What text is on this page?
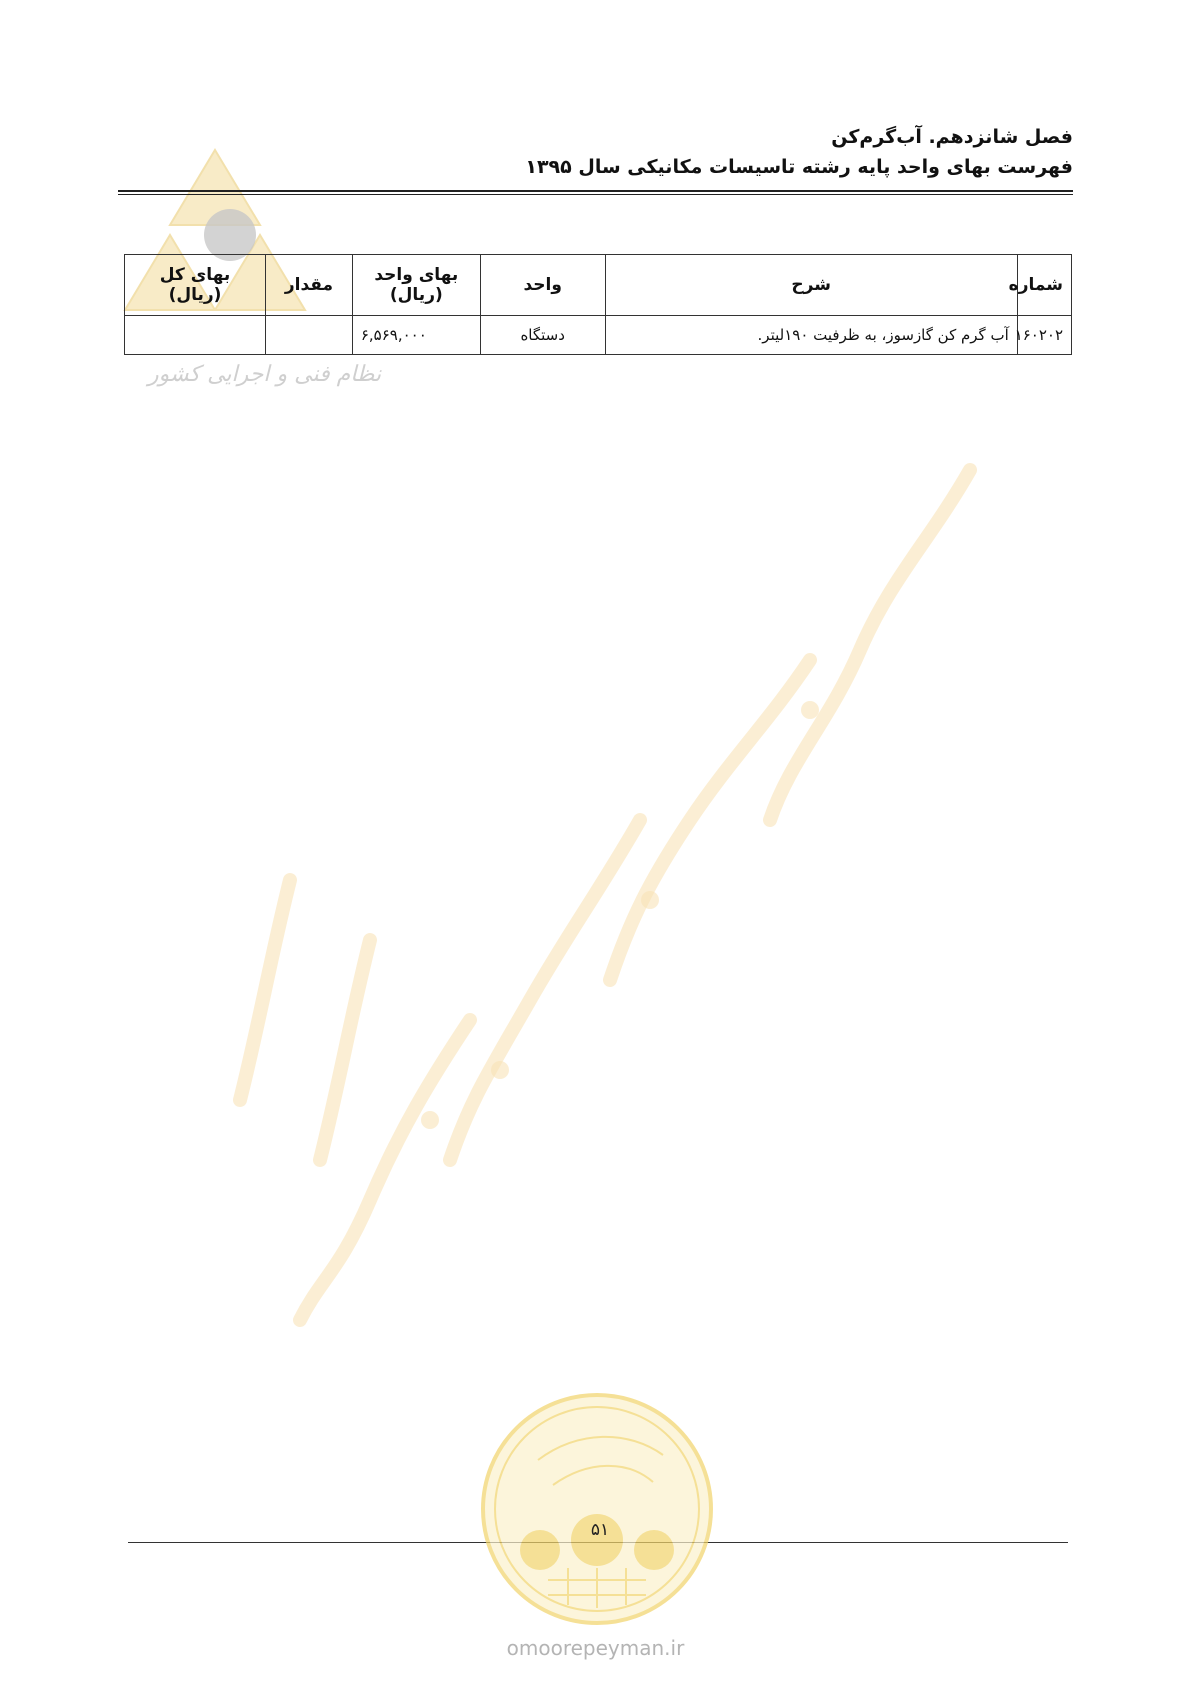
نظام فنی و اجرایی کشور
فصل شانزدهم. آب‌گرم‌کن
فهرست بهای واحد پایه رشته تاسیسات مکانیکی سال ۱۳۹۵
شماره	شرح	واحد	بهای واحد (ریال)	مقدار	بهای کل (ریال)
۱۶۰۲۰۲	آب گرم کن گازسوز، به ظرفیت ۱۹۰لیتر.	دستگاه	۶,۵۶۹,۰۰۰		
۵۱
omoorepeyman.ir
